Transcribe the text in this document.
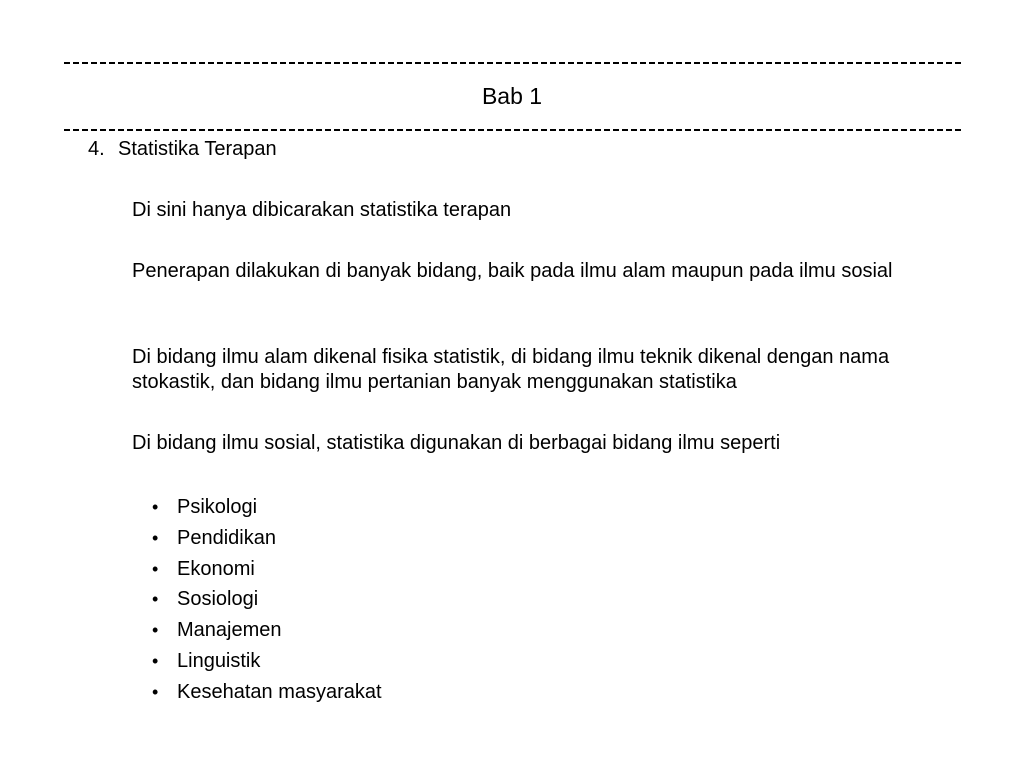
Bab 1
4. Statistika Terapan
Di sini hanya dibicarakan statistika terapan
Penerapan dilakukan di banyak bidang, baik pada ilmu alam maupun pada ilmu sosial
Di bidang ilmu alam dikenal fisika statistik, di bidang ilmu teknik dikenal dengan nama stokastik, dan bidang ilmu pertanian banyak menggunakan statistika
Di bidang ilmu sosial, statistika digunakan di berbagai bidang ilmu seperti
• Psikologi
• Pendidikan
• Ekonomi
• Sosiologi
• Manajemen
• Linguistik
• Kesehatan masyarakat
